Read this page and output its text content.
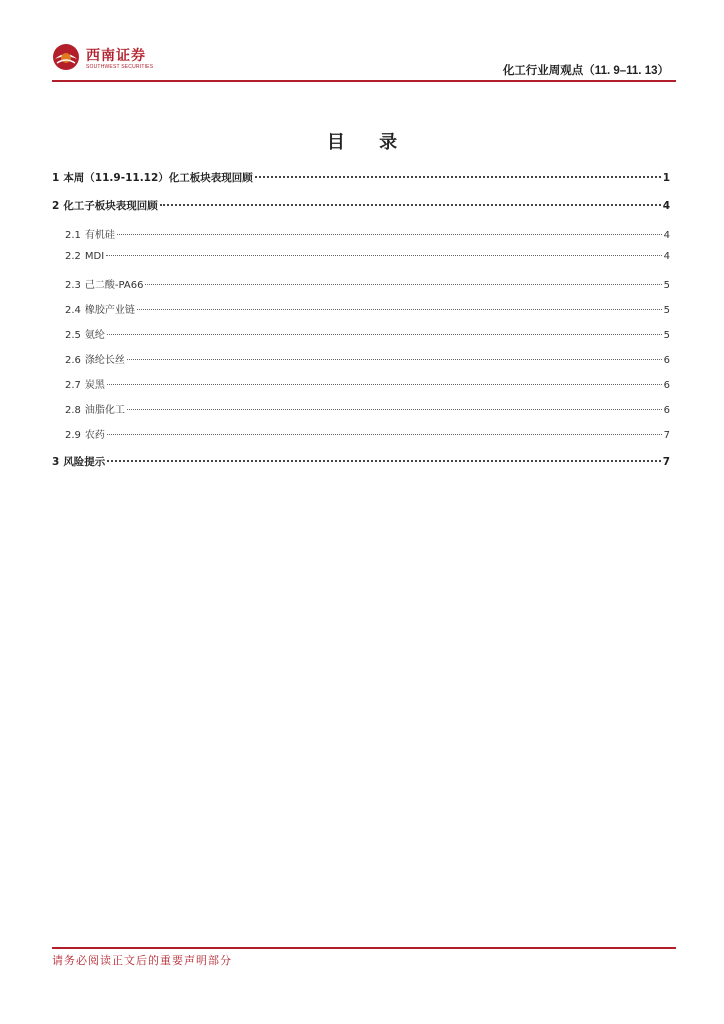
西南证券
SOUTHWEST SECURITIES	化工行业周观点（11. 9–11. 13）
目 录
1 本周（11.9-11.12）化工板块表现回顾	1
2 化工子板块表现回顾	4
2.1 有机硅	4
2.2 MDI	4
2.3 己二酸-PA66	5
2.4 橡胶产业链	5
2.5 氨纶	5
2.6 涤纶长丝	6
2.7 炭黑	6
2.8 油脂化工	6
2.9 农药	7
3 风险提示	7
请务必阅读正文后的重要声明部分
